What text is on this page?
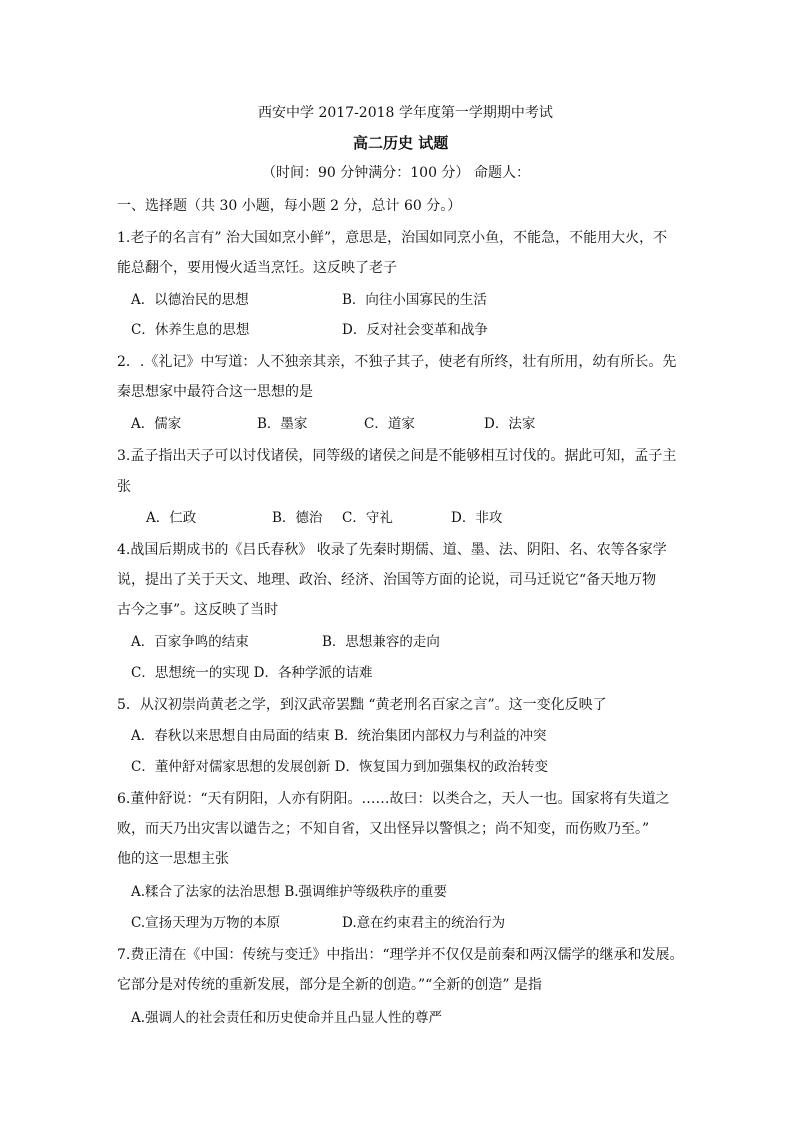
西安中学 2017-2018 学年度第一学期期中考试
高二历史 试题
（时间：90 分钟满分：100 分） 命题人：
一、选择题（共 30 小题，每小题 2 分，总计 60 分。）
1.老子的名言有” 治大国如烹小鲜”，意思是，治国如同烹小鱼，不能急，不能用大火，不
能总翻个，要用慢火适当烹饪。这反映了老子
A．以德治民的思想	B．向往小国寡民的生活
C．休养生息的思想	D．反对社会变革和战争
2．.《礼记》中写道：人不独亲其亲，不独子其子，使老有所终，壮有所用，幼有所长。先
秦思想家中最符合这一思想的是
A．儒家	B．墨家	C．道家	D．法家
3.孟子指出天子可以讨伐诸侯，同等级的诸侯之间是不能够相互讨伐的。据此可知，孟子主
张
A．仁政	B．德治 C．守礼	D．非攻
4.战国后期成书的《吕氏春秋》 收录了先秦时期儒、道、墨、法、阴阳、名、农等各家学
说，提出了关于天文、地理、政治、经济、治国等方面的论说，司马迁说它“备天地万物
古今之事”。这反映了当时
A．百家争鸣的结束	B．思想兼容的走向
C．思想统一的实现 D．各种学派的诘难
5．从汉初崇尚黄老之学，到汉武帝罢黜 “黄老刑名百家之言”。这一变化反映了
A．春秋以来思想自由局面的结束 B．统治集团内部权力与利益的冲突
C．董仲舒对儒家思想的发展创新 D．恢复国力到加强集权的政治转变
6.董仲舒说：“天有阴阳，人亦有阴阳。……故曰：以类合之，天人一也。国家将有失道之
败，而天乃出灾害以谴告之；不知自省，又出怪异以警惧之；尚不知变，而伤败乃至。”
他的这一思想主张
A.糅合了法家的法治思想 B.强调维护等级秩序的重要
C.宣扬天理为万物的本原	D.意在约束君主的统治行为
7.费正清在《中国：传统与变迁》中指出：“理学并不仅仅是前秦和两汉儒学的继承和发展。
它部分是对传统的重新发展，部分是全新的创造。”“全新的创造” 是指
A.强调人的社会责任和历史使命并且凸显人性的尊严
